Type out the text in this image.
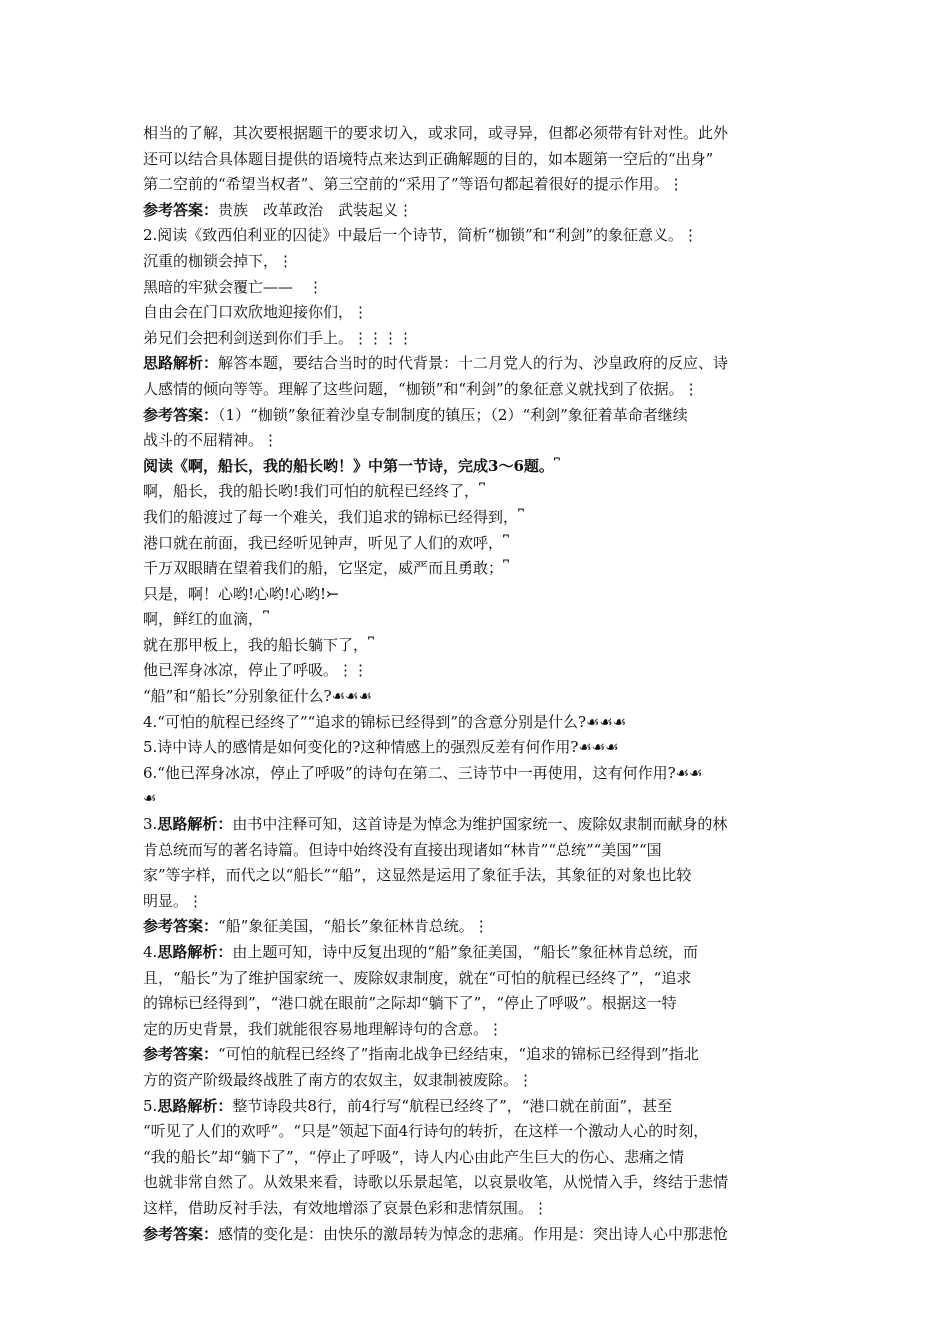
相当的了解，其次要根据题干的要求切入，或求同，或寻异，但都必须带有针对性。此外
还可以结合具体题目提供的语境特点来达到正确解题的目的，如本题第一空后的“出身”
第二空前的“希望当权者”、第三空前的“采用了”等语句都起着很好的提示作用。⋮
参考答案：贵族　改革政治　武装起义⋮
2.阅读《致西伯利亚的囚徒》中最后一个诗节，简析“枷锁”和“利剑”的象征意义。⋮
沉重的枷锁会掉下，⋮
黑暗的牢狱会覆亡——　⋮
自由会在门口欢欣地迎接你们，⋮
弟兄们会把利剑送到你们手上。⋮⋮⋮⋮
思路解析：解答本题，要结合当时的时代背景：十二月党人的行为、沙皇政府的反应、诗
人感情的倾向等等。理解了这些问题，“枷锁”和“利剑”的象征意义就找到了依据。⋮
参考答案：（1）“枷锁”象征着沙皇专制制度的镇压；（2）“利剑”象征着革命者继续
战斗的不屈精神。⋮
阅读《啊，船长，我的船长哟！》中第一节诗，完成3～6题。⎴
啊，船长，我的船长哟!我们可怕的航程已经终了，⎴
我们的船渡过了每一个难关，我们追求的锦标已经得到，⎴
港口就在前面，我已经听见钟声，听见了人们的欢呼，⎴
千万双眼睛在望着我们的船，它坚定，威严而且勇敢；⎴
只是，啊！心哟!心哟!心哟!⤚
啊，鲜红的血滴，⎴
就在那甲板上，我的船长躺下了，⎴
他已浑身冰凉，停止了呼吸。⋮⋮
“船”和“船长”分别象征什么?☙☙☙
4.“可怕的航程已经终了”“追求的锦标已经得到”的含意分别是什么?☙☙☙
5.诗中诗人的感情是如何变化的?这种情感上的强烈反差有何作用?☙☙☙
6.“他已浑身冰凉，停止了呼吸”的诗句在第二、三诗节中一再使用，这有何作用?☙☙
☙
3.思路解析：由书中注释可知，这首诗是为悼念为维护国家统一、废除奴隶制而献身的林
肯总统而写的著名诗篇。但诗中始终没有直接出现诸如“林肯”“总统”“美国”“国
家”等字样，而代之以“船长”“船”，这显然是运用了象征手法，其象征的对象也比较
明显。⋮
参考答案：“船”象征美国，“船长”象征林肯总统。⋮
4.思路解析：由上题可知，诗中反复出现的“船”象征美国，“船长”象征林肯总统，而
且，“船长”为了维护国家统一、废除奴隶制度，就在“可怕的航程已经终了”，“追求
的锦标已经得到”，“港口就在眼前”之际却“躺下了”，“停止了呼吸”。根据这一特
定的历史背景，我们就能很容易地理解诗句的含意。⋮
参考答案：“可怕的航程已经终了”指南北战争已经结束，“追求的锦标已经得到”指北
方的资产阶级最终战胜了南方的农奴主，奴隶制被废除。⋮
5.思路解析：整节诗段共8行，前4行写“航程已经终了”，“港口就在前面”，甚至
“听见了人们的欢呼”。“只是”领起下面4行诗句的转折，在这样一个激动人心的时刻，
“我的船长”却“躺下了”，“停止了呼吸”，诗人内心由此产生巨大的伤心、悲痛之情
也就非常自然了。从效果来看，诗歌以乐景起笔，以哀景收笔，从悦情入手，终结于悲情
这样，借助反衬手法，有效地增添了哀景色彩和悲情氛围。⋮
参考答案：感情的变化是：由快乐的激昂转为悼念的悲痛。作用是：突出诗人心中那悲怆
